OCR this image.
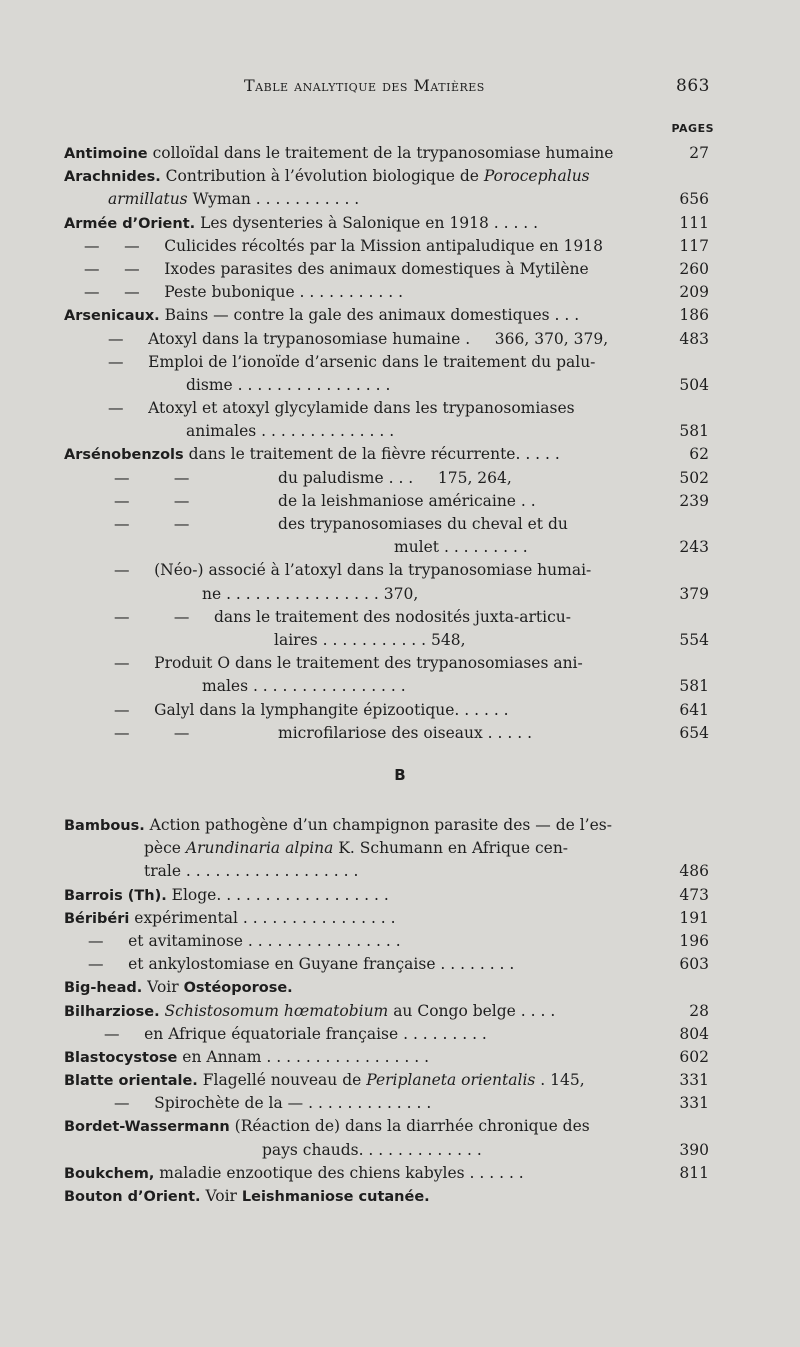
Table analytique des Matières	863
PAGES
Antimoine colloïdal dans le traitement de la trypanosomiase humaine	27
Arachnides. Contribution à l’évolution biologique de Porocephalus
armillatus Wyman . . . . . . . . . . .	656
Armée d’Orient. Les dysenteries à Salonique en 1918 . . . . .	111
—     —     Culicides récoltés par la Mission antipaludique en 1918	117
—     —     Ixodes parasites des animaux domestiques à Mytilène	260
—     —     Peste bubonique . . . . . . . . . . .	209
Arsenicaux. Bains — contre la gale des animaux domestiques . . .	186
—     Atoxyl dans la trypanosomiase humaine .     366, 370, 379,	483
—     Emploi de l’ionoïde d’arsenic dans le traitement du palu-
disme . . . . . . . . . . . . . . . .	504
—     Atoxyl et atoxyl glycylamide dans les trypanosomiases
animales . . . . . . . . . . . . . .	581
Arsénobenzols dans le traitement de la fièvre récurrente. . . . .	62
—         —                  du paludisme . . .     175, 264,	502
—         —                  de la leishmaniose américaine . .	239
—         —                  des trypanosomiases du cheval et du
mulet . . . . . . . . .	243
—     (Néo-) associé à l’atoxyl dans la trypanosomiase humai-
ne . . . . . . . . . . . . . . . . 370,	379
—         —     dans le traitement des nodosités juxta-articu-
laires . . . . . . . . . . . 548,	554
—     Produit O dans le traitement des trypanosomiases ani-
males . . . . . . . . . . . . . . . .	581
—     Galyl dans la lymphangite épizootique. . . . . .	641
—         —                  microfilariose des oiseaux . . . . .	654
B
Bambous. Action pathogène d’un champignon parasite des — de l’es-
pèce Arundinaria alpina K. Schumann en Afrique cen-
trale . . . . . . . . . . . . . . . . . .	486
Barrois (Th). Eloge. . . . . . . . . . . . . . . . . .	473
Béribéri expérimental . . . . . . . . . . . . . . . .	191
—     et avitaminose . . . . . . . . . . . . . . . .	196
—     et ankylostomiase en Guyane française . . . . . . . .	603
Big-head. Voir Ostéoporose.
Bilharziose. Schistosomum hœmatobium au Congo belge . . . .	28
—     en Afrique équatoriale française . . . . . . . . .	804
Blastocystose en Annam . . . . . . . . . . . . . . . . .	602
Blatte orientale. Flagellé nouveau de Periplaneta orientalis . 145,	331
—     Spirochète de la — . . . . . . . . . . . . .	331
Bordet-Wassermann (Réaction de) dans la diarrhée chronique des
pays chauds. . . . . . . . . . . . .	390
Boukchem, maladie enzootique des chiens kabyles . . . . . .	811
Bouton d’Orient. Voir Leishmaniose cutanée.
